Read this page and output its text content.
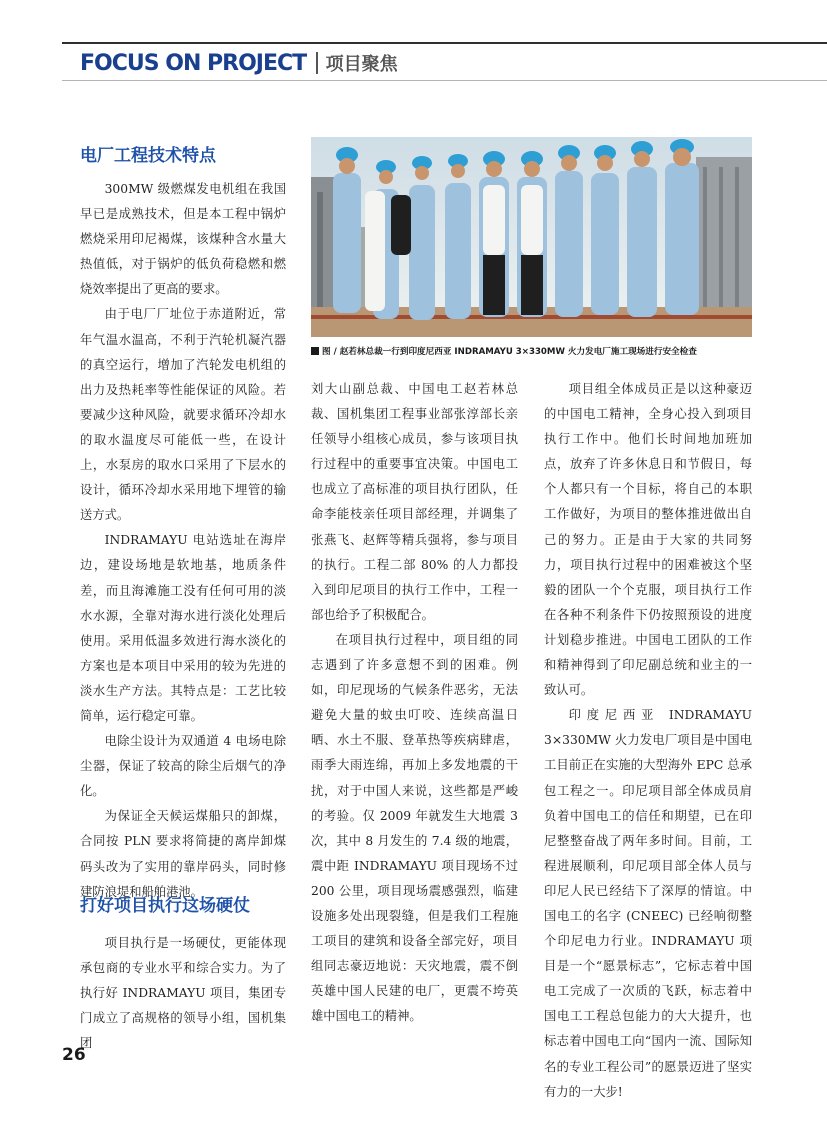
FOCUS ON PROJECT 项目聚焦
电厂工程技术特点

300MW 级燃煤发电机组在我国早已是成熟技术，但是本工程中锅炉燃烧采用印尼褐煤，该煤种含水量大热值低，对于锅炉的低负荷稳燃和燃烧效率提出了更高的要求。

由于电厂厂址位于赤道附近，常年气温水温高，不利于汽轮机凝汽器的真空运行，增加了汽轮发电机组的出力及热耗率等性能保证的风险。若要减少这种风险，就要求循环冷却水的取水温度尽可能低一些，在设计上，水泵房的取水口采用了下层水的设计，循环冷却水采用地下埋管的输送方式。

INDRAMAYU 电站选址在海岸边，建设场地是软地基，地质条件差，而且海滩施工没有任何可用的淡水水源，全靠对海水进行淡化处理后使用。采用低温多效进行海水淡化的方案也是本项目中采用的较为先进的淡水生产方法。其特点是：工艺比较简单，运行稳定可靠。

电除尘设计为双通道 4 电场电除尘器，保证了较高的除尘后烟气的净化。

为保证全天候运煤船只的卸煤，合同按 PLN 要求将简捷的离岸卸煤码头改为了实用的靠岸码头，同时修建防浪堤和船舶港池。

打好项目执行这场硬仗

项目执行是一场硬仗，更能体现承包商的专业水平和综合实力。为了执行好 INDRAMAYU 项目，集团专门成立了高规格的领导小组，国机集团

图 / 赵若林总裁一行到印度尼西亚 INDRAMAYU 3×330MW 火力发电厂施工现场进行安全检查

刘大山副总裁、中国电工赵若林总裁、国机集团工程事业部张淳部长亲任领导小组核心成员，参与该项目执行过程中的重要事宜决策。中国电工也成立了高标准的项目执行团队，任命李能枝亲任项目部经理，并调集了张燕飞、赵辉等精兵强将，参与项目的执行。工程二部 80% 的人力都投入到印尼项目的执行工作中，工程一部也给予了积极配合。

在项目执行过程中，项目组的同志遇到了许多意想不到的困难。例如，印尼现场的气候条件恶劣，无法避免大量的蚊虫叮咬、连续高温日晒、水土不服、登革热等疾病肆虐，雨季大雨连绵，再加上多发地震的干扰，对于中国人来说，这些都是严峻的考验。仅 2009 年就发生大地震 3 次，其中 8 月发生的 7.4 级的地震，震中距 INDRAMAYU 项目现场不过 200 公里，项目现场震感强烈，临建设施多处出现裂缝，但是我们工程施工项目的建筑和设备全部完好，项目组同志豪迈地说：天灾地震，震不倒英雄中国人民建的电厂，更震不垮英雄中国电工的精神。

项目组全体成员正是以这种豪迈的中国电工精神，全身心投入到项目执行工作中。他们长时间地加班加点，放弃了许多休息日和节假日，每个人都只有一个目标，将自己的本职工作做好，为项目的整体推进做出自己的努力。正是由于大家的共同努力，项目执行过程中的困难被这个坚毅的团队一个个克服，项目执行工作在各种不利条件下仍按照预设的进度计划稳步推进。中国电工团队的工作和精神得到了印尼副总统和业主的一致认可。

印度尼西亚 INDRAMAYU 3×330MW 火力发电厂项目是中国电工目前正在实施的大型海外 EPC 总承包工程之一。印尼项目部全体成员肩负着中国电工的信任和期望，已在印尼整整奋战了两年多时间。目前，工程进展顺利，印尼项目部全体人员与印尼人民已经结下了深厚的情谊。中国电工的名字 (CNEEC) 已经响彻整个印尼电力行业。INDRAMAYU 项目是一个“愿景标志”，它标志着中国电工完成了一次质的飞跃，标志着中国电工工程总包能力的大大提升，也标志着中国电工向“国内一流、国际知名的专业工程公司”的愿景迈进了坚实有力的一大步!

26
